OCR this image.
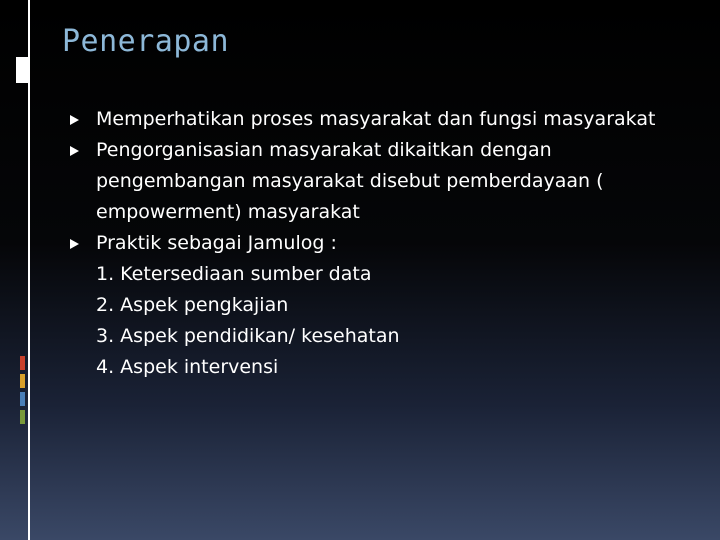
Penerapan
Memperhatikan proses masyarakat dan fungsi masyarakat
Pengorganisasian masyarakat dikaitkan dengan pengembangan masyarakat disebut pemberdayaan ( empowerment) masyarakat
Praktik sebagai Jamulog :
1. Ketersediaan sumber data
2. Aspek pengkajian
3. Aspek pendidikan/ kesehatan
4. Aspek intervensi
